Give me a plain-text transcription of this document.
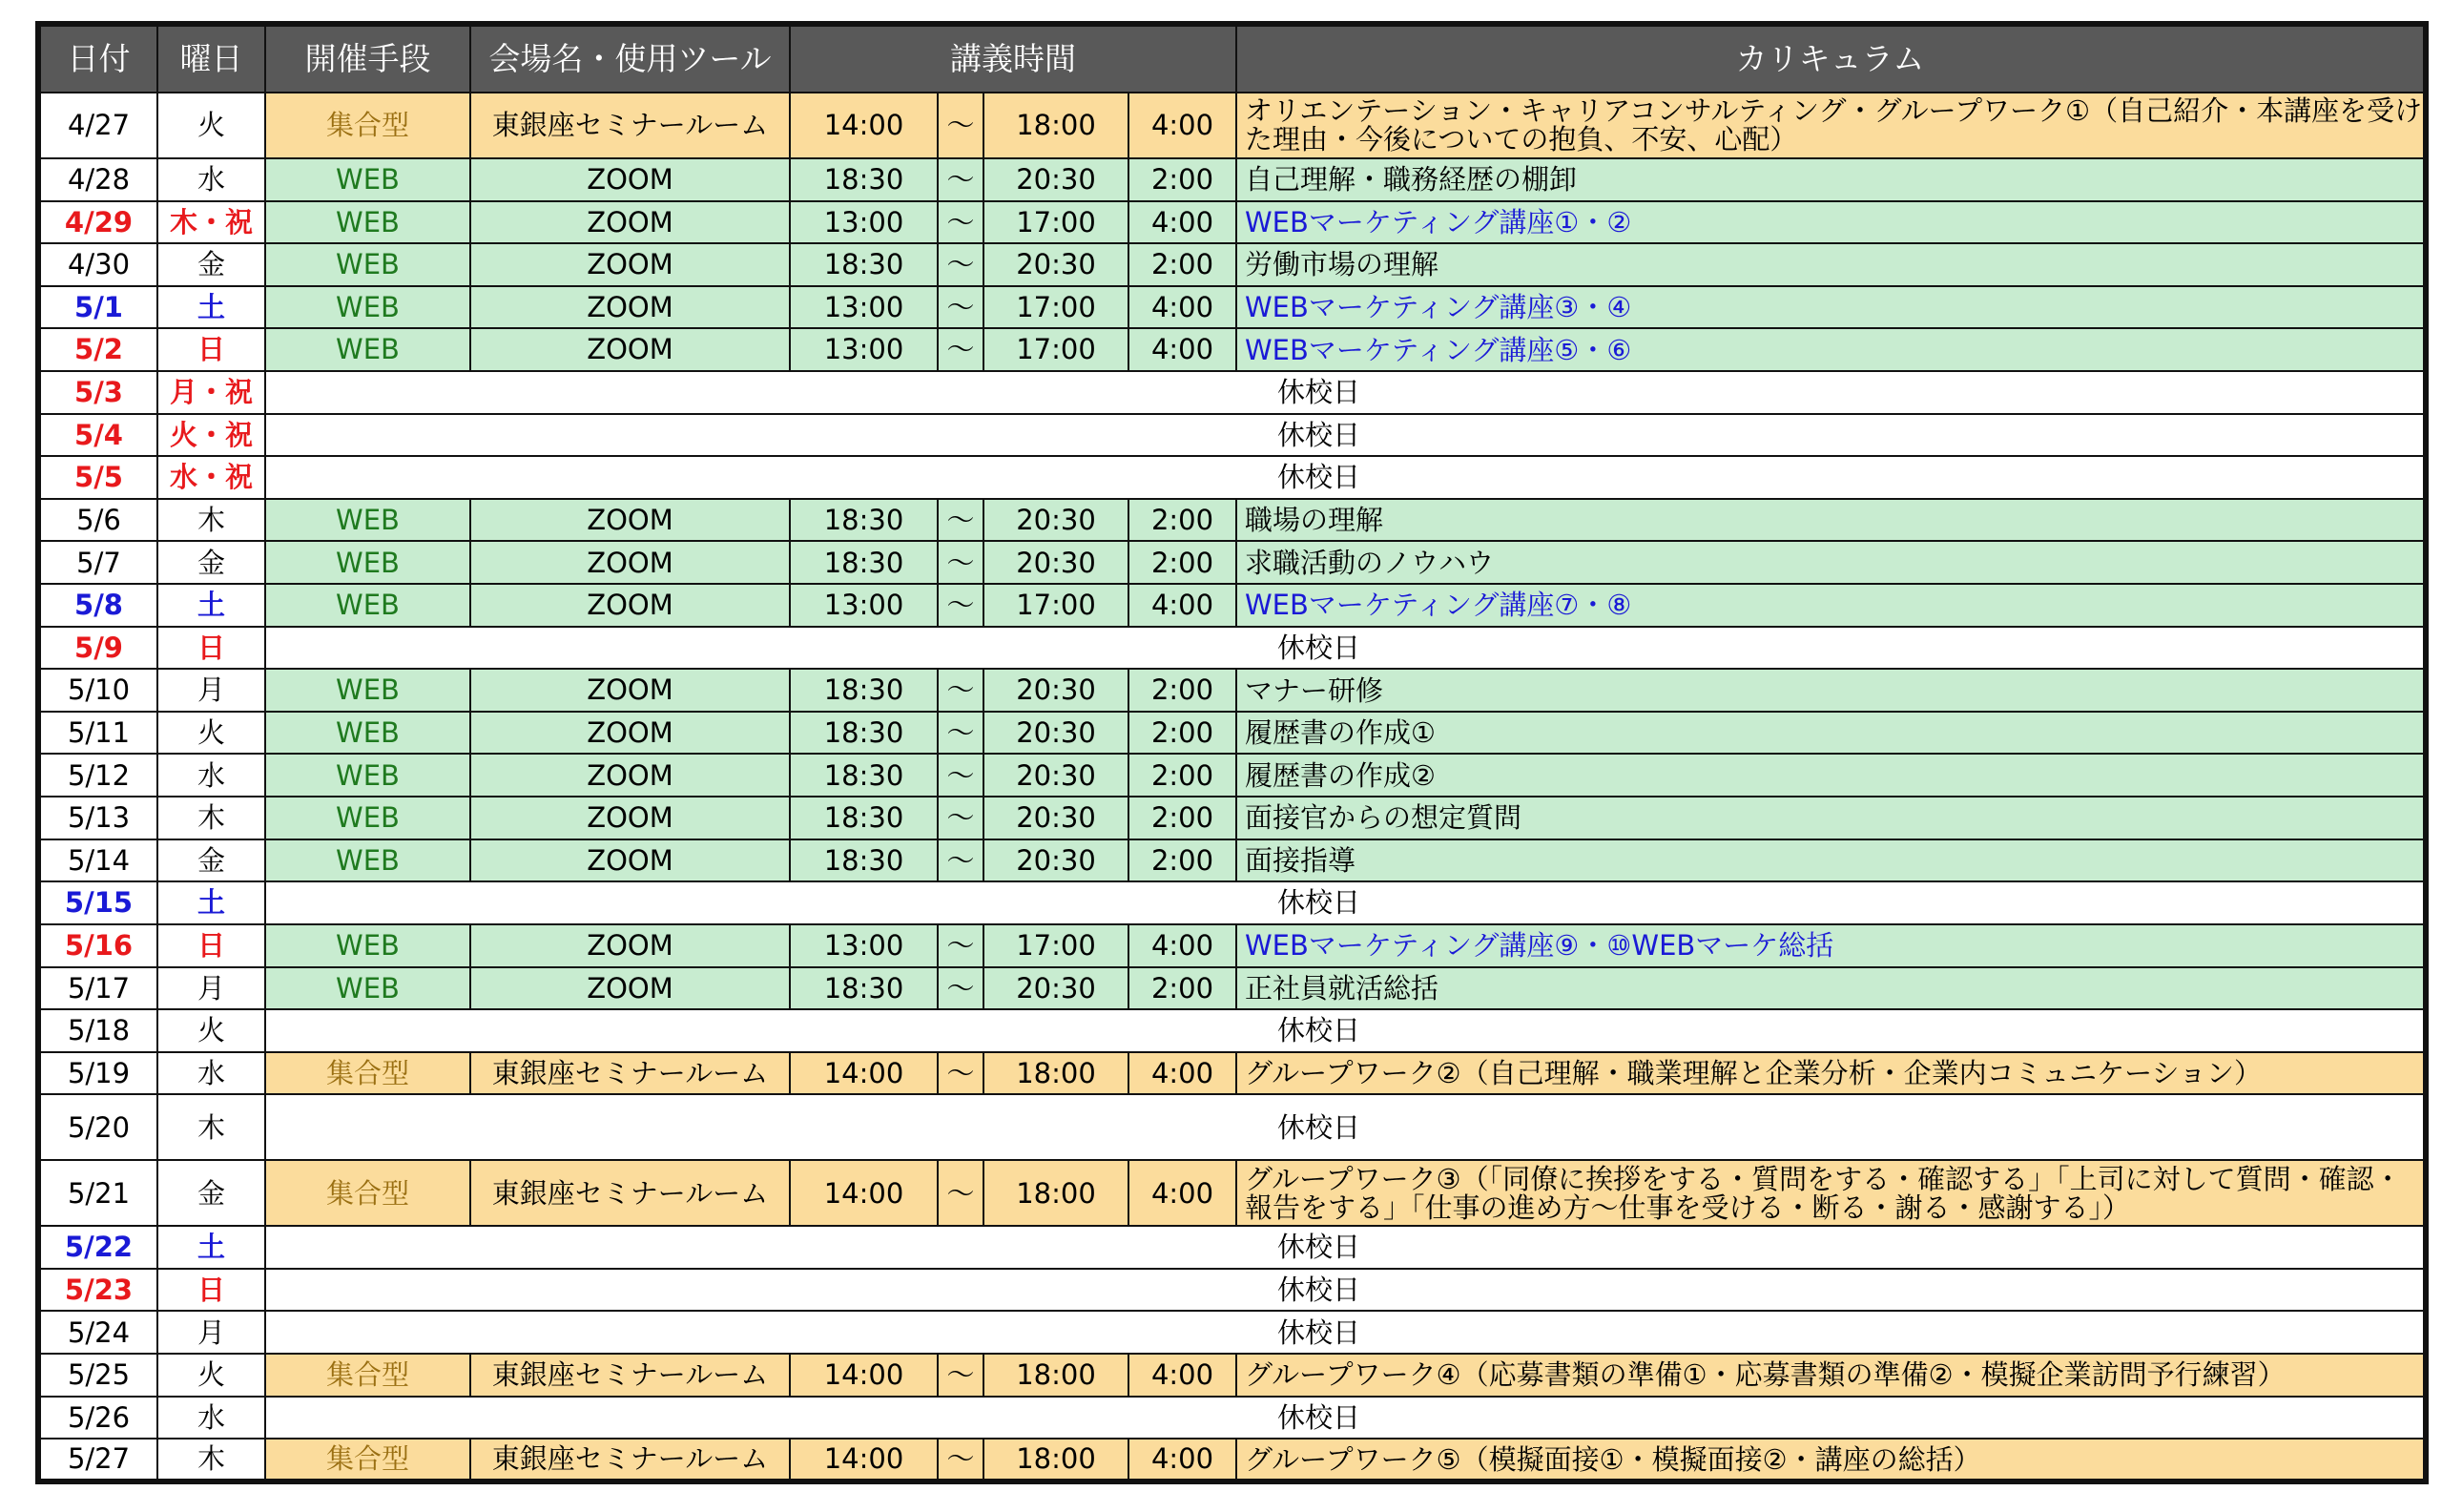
日付	曜日	開催手段	会場名・使用ツール	講義時間				カリキュラム
4/27	火	集合型	東銀座セミナールーム	14:00	～	18:00	4:00	オリエンテーション・キャリアコンサルティング・グループワーク①（自己紹介・本講座を受けた理由・今後についての抱負、不安、心配）
4/28	水	WEB	ZOOM	18:30	～	20:30	2:00	自己理解・職務経歴の棚卸
4/29	木・祝	WEB	ZOOM	13:00	～	17:00	4:00	WEBマーケティング講座①・②
4/30	金	WEB	ZOOM	18:30	～	20:30	2:00	労働市場の理解
5/1	土	WEB	ZOOM	13:00	～	17:00	4:00	WEBマーケティング講座③・④
5/2	日	WEB	ZOOM	13:00	～	17:00	4:00	WEBマーケティング講座⑤・⑥
5/3	月・祝	休校日						
5/4	火・祝	休校日						
5/5	水・祝	休校日						
5/6	木	WEB	ZOOM	18:30	～	20:30	2:00	職場の理解
5/7	金	WEB	ZOOM	18:30	～	20:30	2:00	求職活動のノウハウ
5/8	土	WEB	ZOOM	13:00	～	17:00	4:00	WEBマーケティング講座⑦・⑧
5/9	日	休校日						
5/10	月	WEB	ZOOM	18:30	～	20:30	2:00	マナー研修
5/11	火	WEB	ZOOM	18:30	～	20:30	2:00	履歴書の作成①
5/12	水	WEB	ZOOM	18:30	～	20:30	2:00	履歴書の作成②
5/13	木	WEB	ZOOM	18:30	～	20:30	2:00	面接官からの想定質問
5/14	金	WEB	ZOOM	18:30	～	20:30	2:00	面接指導
5/15	土	休校日						
5/16	日	WEB	ZOOM	13:00	～	17:00	4:00	WEBマーケティング講座⑨・⑩WEBマーケ総括
5/17	月	WEB	ZOOM	18:30	～	20:30	2:00	正社員就活総括
5/18	火	休校日						
5/19	水	集合型	東銀座セミナールーム	14:00	～	18:00	4:00	グループワーク②（自己理解・職業理解と企業分析・企業内コミュニケーション）
5/20	木	休校日						
5/21	金	集合型	東銀座セミナールーム	14:00	～	18:00	4:00	グループワーク③（「同僚に挨拶をする・質問をする・確認する」「上司に対して質問・確認・報告をする」「仕事の進め方～仕事を受ける・断る・謝る・感謝する」）
5/22	土	休校日						
5/23	日	休校日						
5/24	月	休校日						
5/25	火	集合型	東銀座セミナールーム	14:00	～	18:00	4:00	グループワーク④（応募書類の準備①・応募書類の準備②・模擬企業訪問予行練習）
5/26	水	休校日						
5/27	木	集合型	東銀座セミナールーム	14:00	～	18:00	4:00	グループワーク⑤（模擬面接①・模擬面接②・講座の総括）
